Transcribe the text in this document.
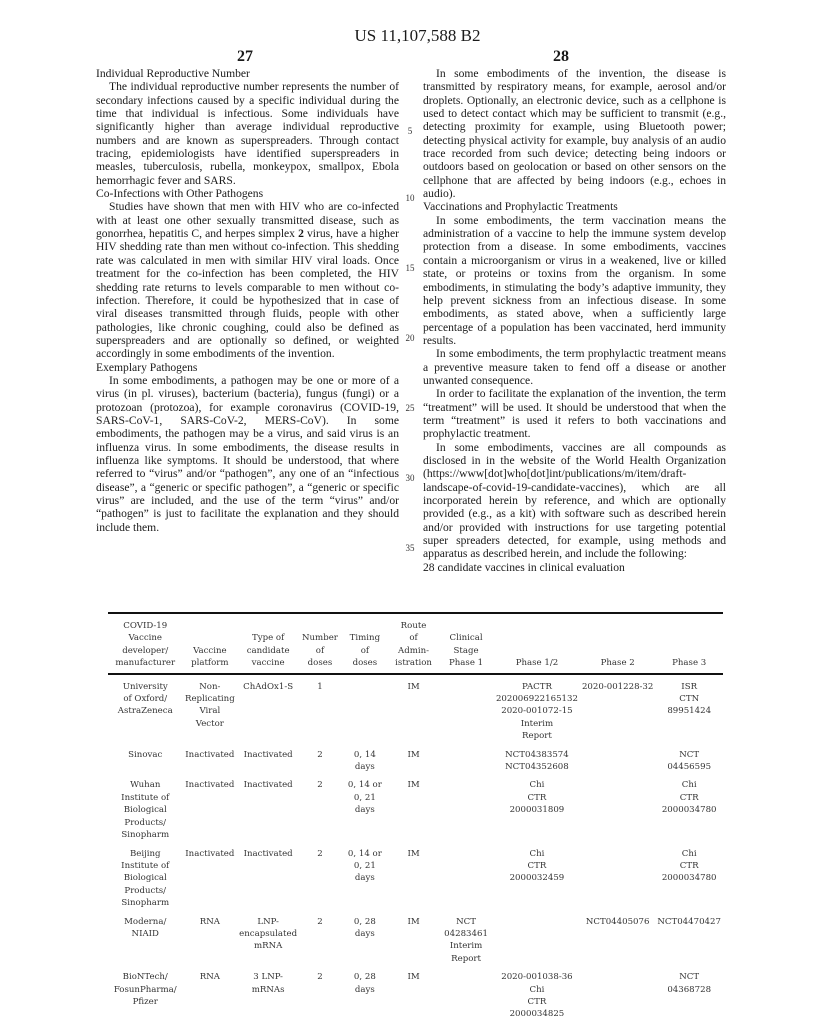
US 11,107,588 B2
27	28
Individual Reproductive Number

The individual reproductive number represents the number of secondary infections caused by a specific individual during the time that individual is infectious. Some individuals have significantly higher than average individual reproductive numbers and are known as superspreaders. Through contact tracing, epidemiologists have identified superspreaders in measles, tuberculosis, rubella, monkeypox, smallpox, Ebola hemorrhagic fever and SARS.

Co-Infections with Other Pathogens

Studies have shown that men with HIV who are co-infected with at least one other sexually transmitted disease, such as gonorrhea, hepatitis C, and herpes simplex 2 virus, have a higher HIV shedding rate than men without co-infection. This shedding rate was calculated in men with similar HIV viral loads. Once treatment for the co-infection has been completed, the HIV shedding rate returns to levels comparable to men without co-infection. Therefore, it could be hypothesized that in case of viral diseases transmitted through fluids, people with other pathologies, like chronic coughing, could also be defined as superspreaders and are optionally so defined, or weighted accordingly in some embodiments of the invention.

Exemplary Pathogens

In some embodiments, a pathogen may be one or more of a virus (in pl. viruses), bacterium (bacteria), fungus (fungi) or a protozoan (protozoa), for example coronavirus (COVID-19, SARS-CoV-1, SARS-CoV-2, MERS-CoV). In some embodiments, the pathogen may be a virus, and said virus is an influenza virus. In some embodiments, the disease results in influenza like symptoms. It should be understood, that where referred to “virus” and/or “pathogen”, any one of an “infectious disease”, a “generic or specific pathogen”, a “generic or specific virus” are included, and the use of the term “virus” and/or “pathogen” is just to facilitate the explanation and they should include them.

5
10
15
20
25
30
35

In some embodiments of the invention, the disease is transmitted by respiratory means, for example, aerosol and/or droplets. Optionally, an electronic device, such as a cellphone is used to detect contact which may be sufficient to transmit (e.g., detecting proximity for example, using Bluetooth power; detecting physical activity for example, buy analysis of an audio trace recorded from such device; detecting being indoors or outdoors based on geolocation or based on other sensors on the cellphone that are affected by being indoors (e.g., echoes in audio).

Vaccinations and Prophylactic Treatments

In some embodiments, the term vaccination means the administration of a vaccine to help the immune system develop protection from a disease. In some embodiments, vaccines contain a microorganism or virus in a weakened, live or killed state, or proteins or toxins from the organism. In some embodiments, in stimulating the body’s adaptive immunity, they help prevent sickness from an infectious disease. In some embodiments, as stated above, when a sufficiently large percentage of a population has been vaccinated, herd immunity results.

In some embodiments, the term prophylactic treatment means a preventive measure taken to fend off a disease or another unwanted consequence.

In order to facilitate the explanation of the invention, the term “treatment” will be used. It should be understood that when the term “treatment” is used it refers to both vaccinations and prophylactic treatment.

In some embodiments, vaccines are all compounds as disclosed in in the website of the World Health Organization (https://www[dot]who[dot]int/publications/m/item/draft-landscape-of-covid-19-candidate-vaccines), which are all incorporated herein by reference, and which are optionally provided (e.g., as a kit) with software such as described herein and/or provided with instructions for use targeting potential super spreaders detected, for example, using methods and apparatus as described herein, and include the following:

28 candidate vaccines in clinical evaluation
COVID-19
Vaccine
developer/
manufacturer	Vaccine
platform	Type of
candidate
vaccine	Number
of
doses	Timing
of
doses	Route
of
Admin-
istration	Clinical
Stage
Phase 1	Phase 1/2	Phase 2	Phase 3

University
of Oxford/
AstraZeneca	Non-
Replicating
Viral
Vector	ChAdOx1-S	1		IM		PACTR
202006922165132
2020-001072-15
Interim
Report	2020-001228-32	ISR
CTN
89951424

Sinovac	Inactivated	Inactivated	2	0, 14
days	IM		NCT04383574
NCT04352608		NCT
04456595

Wuhan
Institute of
Biological
Products/
Sinopharm	Inactivated	Inactivated	2	0, 14 or
0, 21
days	IM		Chi
CTR
2000031809		Chi
CTR
2000034780

Beijing
Institute of
Biological
Products/
Sinopharm	Inactivated	Inactivated	2	0, 14 or
0, 21
days	IM		Chi
CTR
2000032459		Chi
CTR
2000034780

Moderna/
NIAID	RNA	LNP-
encapsulated
mRNA	2	0, 28
days	IM	NCT
04283461
Interim
Report		NCT04405076	NCT04470427

BioNTech/
FosunPharma/
Pfizer	RNA	3 LNP-
mRNAs	2	0, 28
days	IM		2020-001038-36
Chi
CTR
2000034825		NCT
04368728
